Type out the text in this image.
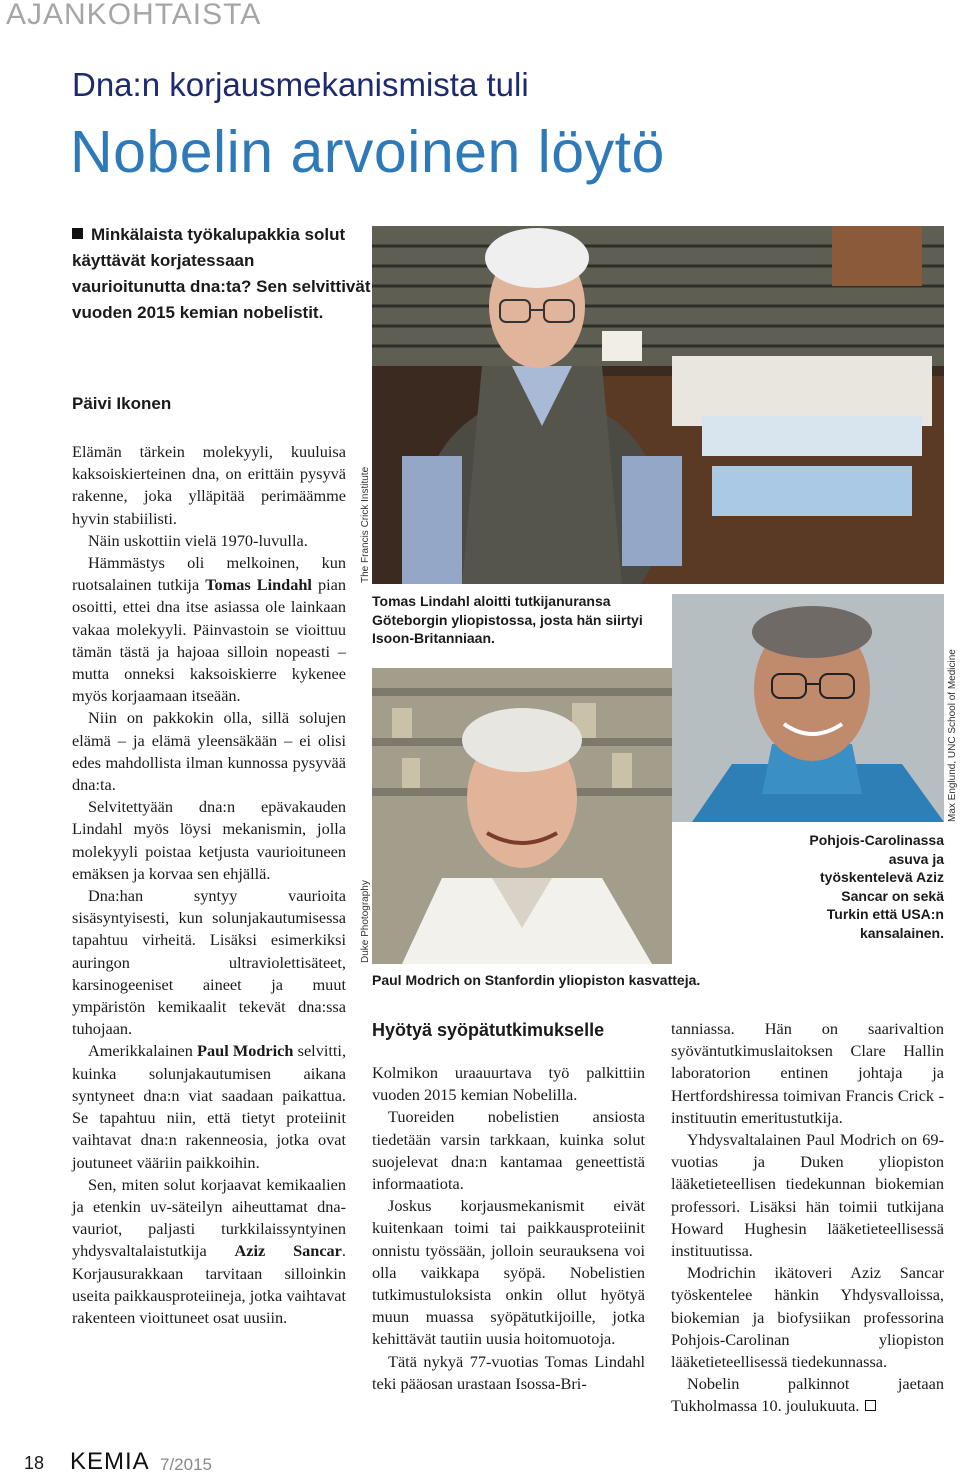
AJANKOHTAISTA
Dna:n korjausmekanismista tuli
Nobelin arvoinen löytö
Minkälaista työkalupakkia solut käyttävät korjatessaan vaurioitunutta dna:ta? Sen selvittivät vuoden 2015 kemian nobelistit.
Päivi Ikonen

Elämän tärkein molekyyli, kuuluisa kaksoiskierteinen dna, on erittäin pysyvä rakenne, joka ylläpitää perimäämme hyvin stabiilisti.

Näin uskottiin vielä 1970-luvulla.

Hämmästys oli melkoinen, kun ruotsalainen tutkija Tomas Lindahl pian osoitti, ettei dna itse asiassa ole lainkaan vakaa molekyyli. Päinvastoin se vioittuu tämän tästä ja hajoaa silloin nopeasti – mutta onneksi kaksoiskierre kykenee myös korjaamaan itseään.

Niin on pakkokin olla, sillä solujen elämä – ja elämä yleensäkään – ei olisi edes mahdollista ilman kunnossa pysyvää dna:ta.

Selvitettyään dna:n epävakauden Lindahl myös löysi mekanismin, jolla molekyyli poistaa ketjusta vaurioituneen emäksen ja korvaa sen ehjällä.

Dna:han syntyy vaurioita sisäsyntyisesti, kun solunjakautumisessa tapahtuu virheitä. Lisäksi esimerkiksi auringon ultraviolettisäteet, karsinogeeniset aineet ja muut ympäristön kemikaalit tekevät dna:ssa tuhojaan.

Amerikkalainen Paul Modrich selvitti, kuinka solunjakautumisen aikana syntyneet dna:n viat saadaan paikattua. Se tapahtuu niin, että tietyt proteiinit vaihtavat dna:n rakenneosia, jotka ovat joutuneet vääriin paikkoihin.

Sen, miten solut korjaavat kemikaalien ja etenkin uv-säteilyn aiheuttamat dna-vauriot, paljasti turkkilaissyntyinen yhdysvaltalaistutkija Aziz Sancar. Korjausurakkaan tarvitaan silloinkin useita paikkausproteiineja, jotka vaihtavat rakenteen vioittuneet osat uusiin.

The Francis Crick Institute
Tomas Lindahl aloitti tutkijanuransa Göteborgin yliopistossa, josta hän siirtyi Isoon-Britanniaan.
Duke Photography
Paul Modrich on Stanfordin yliopiston kasvatteja.
Max Englund, UNC School of Medicine
Pohjois-Carolinassa asuva ja työskentelevä Aziz Sancar on sekä Turkin että USA:n kansalainen.
Hyötyä syöpätutkimukselle

Kolmikon uraauurtava työ palkittiin vuoden 2015 kemian Nobelilla.

Tuoreiden nobelistien ansiosta tiedetään varsin tarkkaan, kuinka solut suojelevat dna:n kantamaa geneettistä informaatiota.

Joskus korjausmekanismit eivät kuitenkaan toimi tai paikkausproteiinit onnistu työssään, jolloin seurauksena voi olla vaikkapa syöpä. Nobelistien tutkimustuloksista onkin ollut hyötyä muun muassa syöpätutkijoille, jotka kehittävät tautiin uusia hoitomuotoja.

Tätä nykyä 77-vuotias Tomas Lindahl teki pääosan urastaan Isossa-Bri-

tanniassa. Hän on saarivaltion syöväntutkimuslaitoksen Clare Hallin laboratorion entinen johtaja ja Hertfordshiressa toimivan Francis Crick -instituutin emeritustutkija.

Yhdysvaltalainen Paul Modrich on 69-vuotias ja Duken yliopiston lääketieteellisen tiedekunnan biokemian professori. Lisäksi hän toimii tutkijana Howard Hughesin lääketieteellisessä instituutissa.

Modrichin ikätoveri Aziz Sancar työskentelee hänkin Yhdysvalloissa, biokemian ja biofysiikan professorina Pohjois-Carolinan yliopiston lääketieteellisessä tiedekunnassa.

Nobelin palkinnot jaetaan Tukholmassa 10. joulukuuta.

18 KEMIA 7/2015
